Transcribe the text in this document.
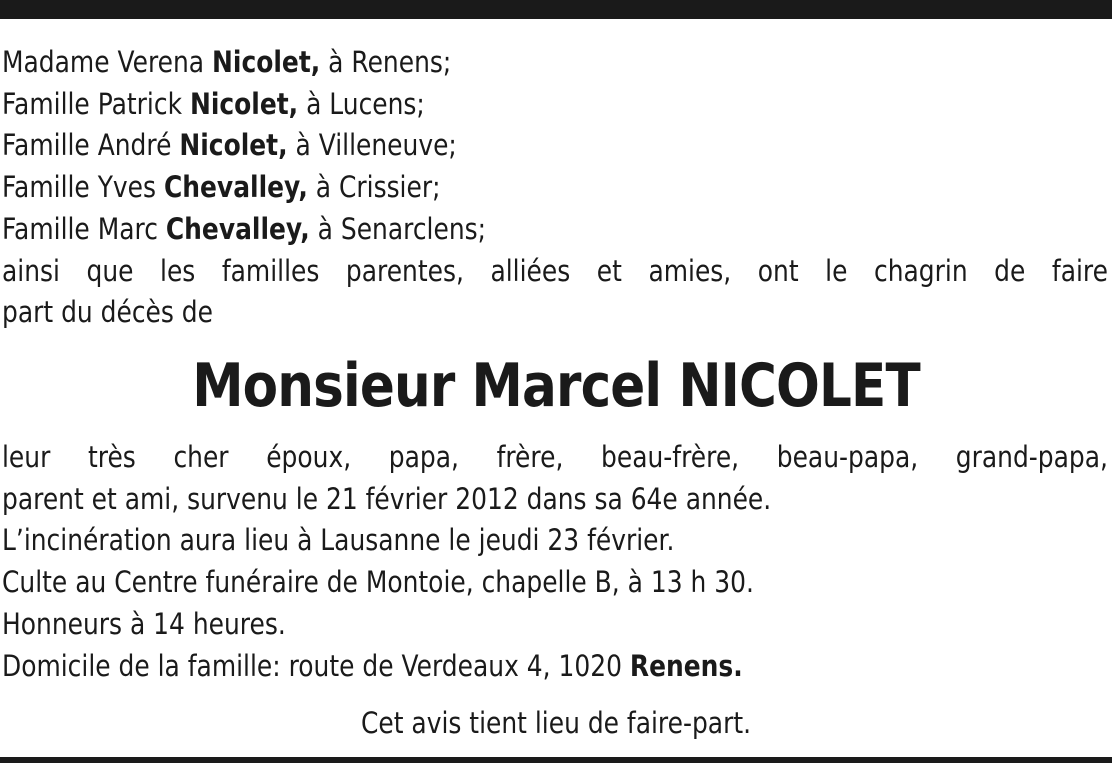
Madame Verena Nicolet, à Renens;
Famille Patrick Nicolet, à Lucens;
Famille André Nicolet, à Villeneuve;
Famille Yves Chevalley, à Crissier;
Famille Marc Chevalley, à Senarclens;
ainsi que les familles parentes, alliées et amies, ont le chagrin de faire
part du décès de
Monsieur Marcel NICOLET
leur très cher époux, papa, frère, beau-frère, beau-papa, grand-papa,
parent et ami, survenu le 21 février 2012 dans sa 64e année.
L’incinération aura lieu à Lausanne le jeudi 23 février.
Culte au Centre funéraire de Montoie, chapelle B, à 13 h 30.
Honneurs à 14 heures.
Domicile de la famille: route de Verdeaux 4, 1020 Renens.
Cet avis tient lieu de faire-part.
